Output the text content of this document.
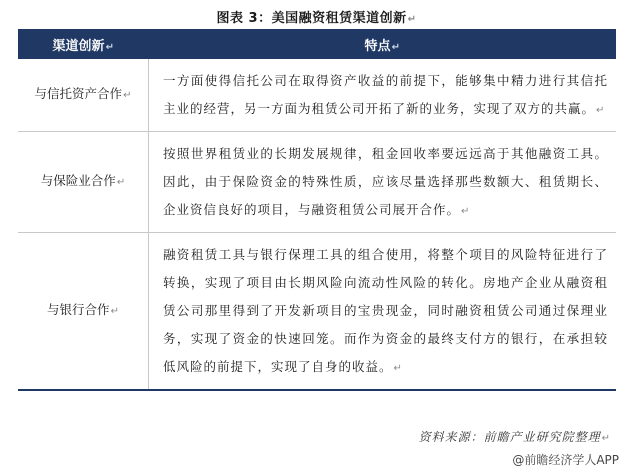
图表 3：美国融资租赁渠道创新↵
渠道创新↵	特点↵
与信托资产合作↵	一方面使得信托公司在取得资产收益的前提下，能够集中精力进行其信托主业的经营，另一方面为租赁公司开拓了新的业务，实现了双方的共赢。↵
与保险业合作↵	按照世界租赁业的长期发展规律，租金回收率要远远高于其他融资工具。因此，由于保险资金的特殊性质，应该尽量选择那些数额大、租赁期长、企业资信良好的项目，与融资租赁公司展开合作。↵
与银行合作↵	融资租赁工具与银行保理工具的组合使用，将整个项目的风险特征进行了转换，实现了项目由长期风险向流动性风险的转化。房地产企业从融资租赁公司那里得到了开发新项目的宝贵现金，同时融资租赁公司通过保理业务，实现了资金的快速回笼。而作为资金的最终支付方的银行，在承担较低风险的前提下，实现了自身的收益。↵
资料来源：前瞻产业研究院整理↵
@前瞻经济学人APP
